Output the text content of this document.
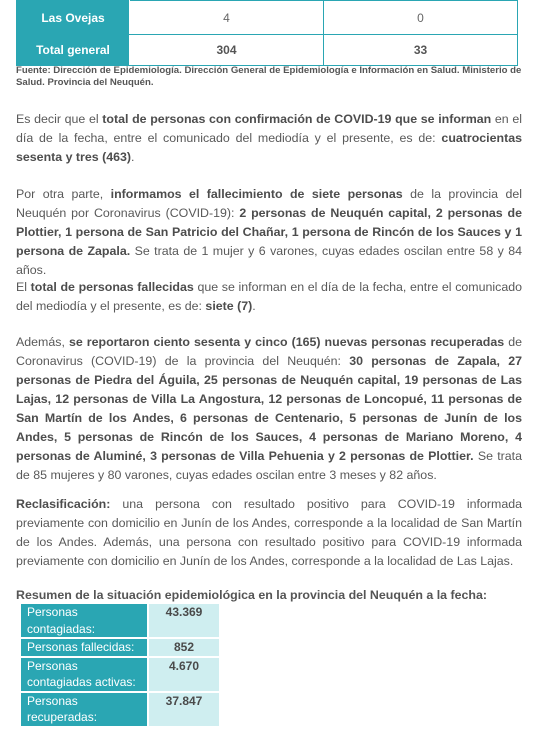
Las Ovejas	4	0
Total general	304	33
Fuente: Dirección de Epidemiología. Dirección General de Epidemiología e Información en Salud. Ministerio de Salud. Provincia del Neuquén.

Es decir que el total de personas con confirmación de COVID-19 que se informan en el día de la fecha, entre el comunicado del mediodía y el presente, es de: cuatrocientas sesenta y tres (463).

Por otra parte, informamos el fallecimiento de siete personas de la provincia del Neuquén por Coronavirus (COVID-19): 2 personas de Neuquén capital, 2 personas de Plottier, 1 persona de San Patricio del Chañar, 1 persona de Rincón de los Sauces y 1 persona de Zapala. Se trata de 1 mujer y 6 varones, cuyas edades oscilan entre 58 y 84 años.

El total de personas fallecidas que se informan en el día de la fecha, entre el comunicado del mediodía y el presente, es de: siete (7).

Además, se reportaron ciento sesenta y cinco (165) nuevas personas recuperadas de Coronavirus (COVID-19) de la provincia del Neuquén: 30 personas de Zapala, 27 personas de Piedra del Águila, 25 personas de Neuquén capital, 19 personas de Las Lajas, 12 personas de Villa La Angostura, 12 personas de Loncopué, 11 personas de San Martín de los Andes, 6 personas de Centenario, 5 personas de Junín de los Andes, 5 personas de Rincón de los Sauces, 4 personas de Mariano Moreno, 4 personas de Aluminé, 3 personas de Villa Pehuenia y 2 personas de Plottier. Se trata de 85 mujeres y 80 varones, cuyas edades oscilan entre 3 meses y 82 años.

Reclasificación: una persona con resultado positivo para COVID-19 informada previamente con domicilio en Junín de los Andes, corresponde a la localidad de San Martín de los Andes. Además, una persona con resultado positivo para COVID-19 informada previamente con domicilio en Junín de los Andes, corresponde a la localidad de Las Lajas.

Resumen de la situación epidemiológica en la provincia del Neuquén a la fecha:
Personas contagiadas:	43.369
Personas fallecidas:	852
Personas contagiadas activas:	4.670
Personas recuperadas:	37.847
